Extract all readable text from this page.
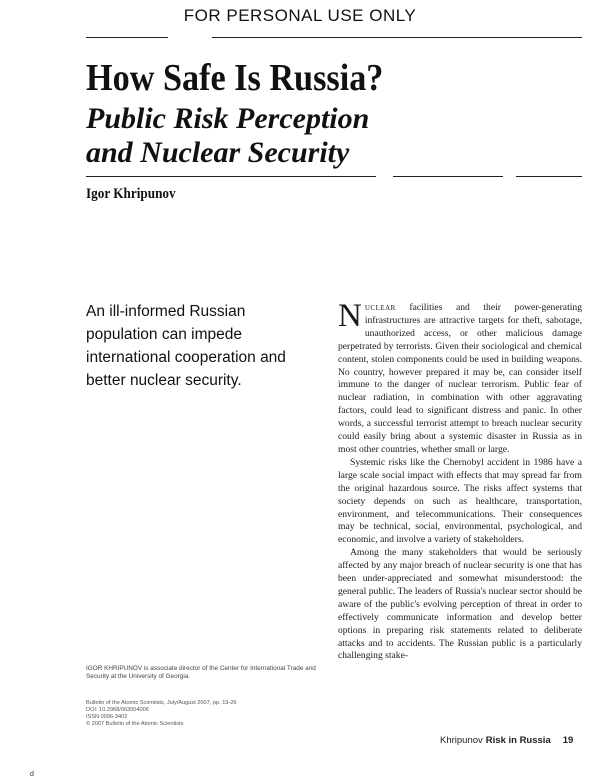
FOR PERSONAL USE ONLY
How Safe Is Russia?
Public Risk Perception
and Nuclear Security
Igor Khripunov
An ill-informed Russian
population can impede
international cooperation and
better nuclear security.

Nuclear facilities and their power-generating infrastructures are attractive targets for theft, sabotage, unauthorized access, or other malicious damage perpetrated by terrorists. Given their sociological and chemical content, stolen components could be used in building weapons. No country, however prepared it may be, can consider itself immune to the danger of nuclear terrorism. Public fear of nuclear radiation, in combination with other aggravating factors, could lead to significant distress and panic. In other words, a successful terrorist attempt to breach nuclear security could easily bring about a systemic disaster in Russia as in most other countries, whether small or large.

Systemic risks like the Chernobyl accident in 1986 have a large scale social impact with effects that may spread far from the original hazardous source. The risks affect systems that society depends on such as healthcare, transportation, environment, and telecommunications. Their consequences may be technical, social, environmental, psychological, and economic, and involve a variety of stakeholders.

Among the many stakeholders that would be seriously affected by any major breach of nuclear security is one that has been under-appreciated and somewhat misunderstood: the general public. The leaders of Russia's nuclear sector should be aware of the public's evolving perception of threat in order to effectively communicate information and develop better options in preparing risk statements related to deliberate attacks and to accidents. The Russian public is a particularly challenging stake-

IGOR KHRIPUNOV is associate director of the Center for International Trade and Security at the University of Georgia.
Bulletin of the Atomic Scientists, July/August 2007, pp. 19-26
DOI: 10.2968/063004006
ISSN 0096-3402
© 2007 Bulletin of the Atomic Scientists
Khripunov Risk in Russia 19
d
